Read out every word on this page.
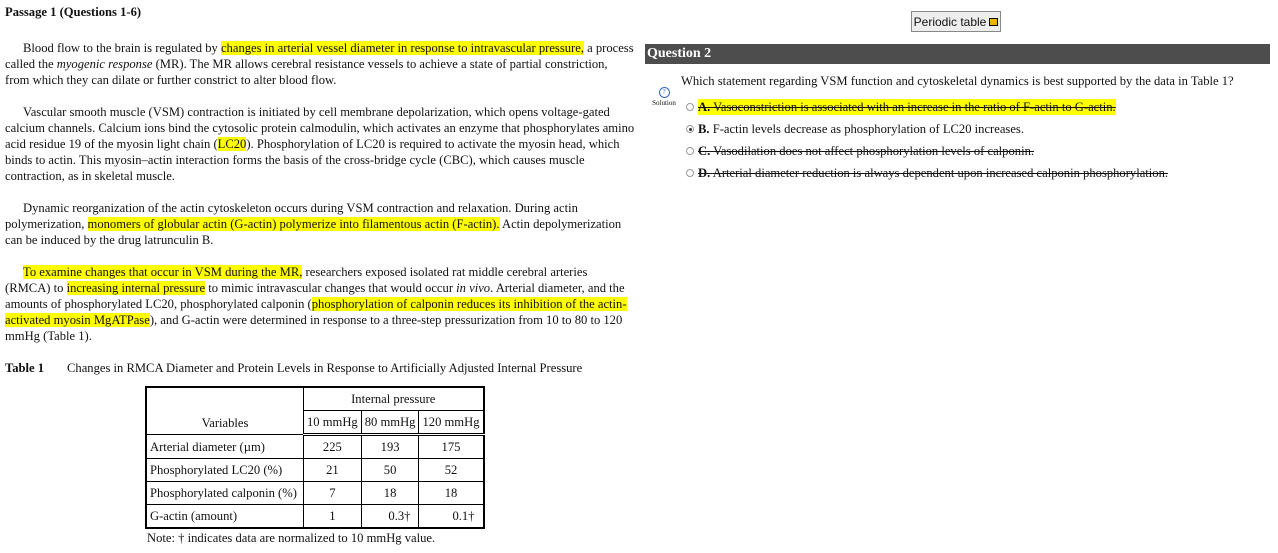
Passage 1 (Questions 1-6)

Blood flow to the brain is regulated by changes in arterial vessel diameter in response to intravascular pressure, a process called the myogenic response (MR). The MR allows cerebral resistance vessels to achieve a state of partial constriction, from which they can dilate or further constrict to alter blood flow.

Vascular smooth muscle (VSM) contraction is initiated by cell membrane depolarization, which opens voltage-gated calcium channels. Calcium ions bind the cytosolic protein calmodulin, which activates an enzyme that phosphorylates amino acid residue 19 of the myosin light chain (LC20). Phosphorylation of LC20 is required to activate the myosin head, which binds to actin. This myosin–actin interaction forms the basis of the cross-bridge cycle (CBC), which causes muscle contraction, as in skeletal muscle.

Dynamic reorganization of the actin cytoskeleton occurs during VSM contraction and relaxation. During actin polymerization, monomers of globular actin (G-actin) polymerize into filamentous actin (F-actin). Actin depolymerization can be induced by the drug latrunculin B.

To examine changes that occur in VSM during the MR, researchers exposed isolated rat middle cerebral arteries (RMCA) to increasing internal pressure to mimic intravascular changes that would occur in vivo. Arterial diameter, and the amounts of phosphorylated LC20, phosphorylated calponin (phosphorylation of calponin reduces its inhibition of the actin-activated myosin MgATPase), and G-actin were determined in response to a three-step pressurization from 10 to 80 to 120 mmHg (Table 1).

Table 1 Changes in RMCA Diameter and Protein Levels in Response to Artificially Adjusted Internal Pressure
Variables	Internal pressure		
	10 mmHg	80 mmHg	120 mmHg
Arterial diameter (µm)	225	193	175
Phosphorylated LC20 (%)	21	50	52
Phosphorylated calponin (%)	7	18	18
G-actin (amount)	1	0.3†	0.1†
Note: † indicates data are normalized to 10 mmHg value.
Periodic table
Question 2
Which statement regarding VSM function and cytoskeletal dynamics is best supported by the data in Table 1?
?
Solution	A. Vasoconstriction is associated with an increase in the ratio of F-actin to G-actin.
B. F-actin levels decrease as phosphorylation of LC20 increases.
C. Vasodilation does not affect phosphorylation levels of calponin.
D. Arterial diameter reduction is always dependent upon increased calponin phosphorylation.
